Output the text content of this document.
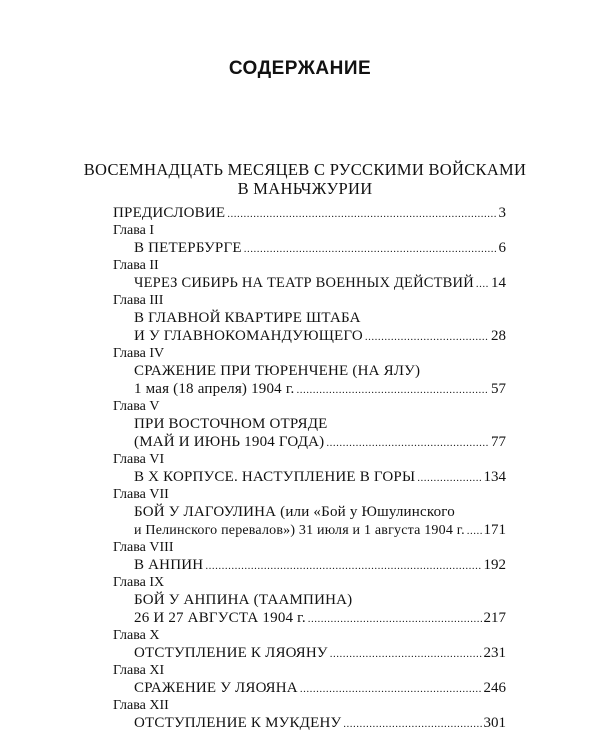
СОДЕРЖАНИЕ
ВОСЕМНАДЦАТЬ МЕСЯЦЕВ С РУССКИМИ ВОЙСКАМИ
В МАНЬЧЖУРИИ
ПРЕДИСЛОВИЕ .....	3
Глава I
В ПЕТЕРБУРГЕ .....	6
Глава II
ЧЕРЕЗ СИБИРЬ НА ТЕАТР ВОЕННЫХ ДЕЙСТВИЙ ..... 14
Глава III
В ГЛАВНОЙ КВАРТИРЕ ШТАБА
И У ГЛАВНОКОМАНДУЮЩЕГО .....	28
Глава IV
СРАЖЕНИЕ ПРИ ТЮРЕНЧЕНЕ (НА ЯЛУ)
1 мая (18 апреля) 1904 г. .....	57
Глава V
ПРИ ВОСТОЧНОМ ОТРЯДЕ
(МАЙ И ИЮНЬ 1904 ГОДА) .....	77
Глава VI
В X КОРПУСЕ. НАСТУПЛЕНИЕ В ГОРЫ .....	134
Глава VII
БОЙ У ЛАГОУЛИНА (или «Бой у Юшулинского
и Пелинского перевалов») 31 июля и 1 августа 1904 г. ..... 171
Глава VIII
В АНПИН .....	192
Глава IX
БОЙ У АНПИНА (ТААМПИНА)
26 И 27 АВГУСТА 1904 г. .....	217
Глава X
ОТСТУПЛЕНИЕ К ЛЯОЯНУ .....	231
Глава XI
СРАЖЕНИЕ У ЛЯОЯНА .....	246
Глава XII
ОТСТУПЛЕНИЕ К МУКДЕНУ .....	301
